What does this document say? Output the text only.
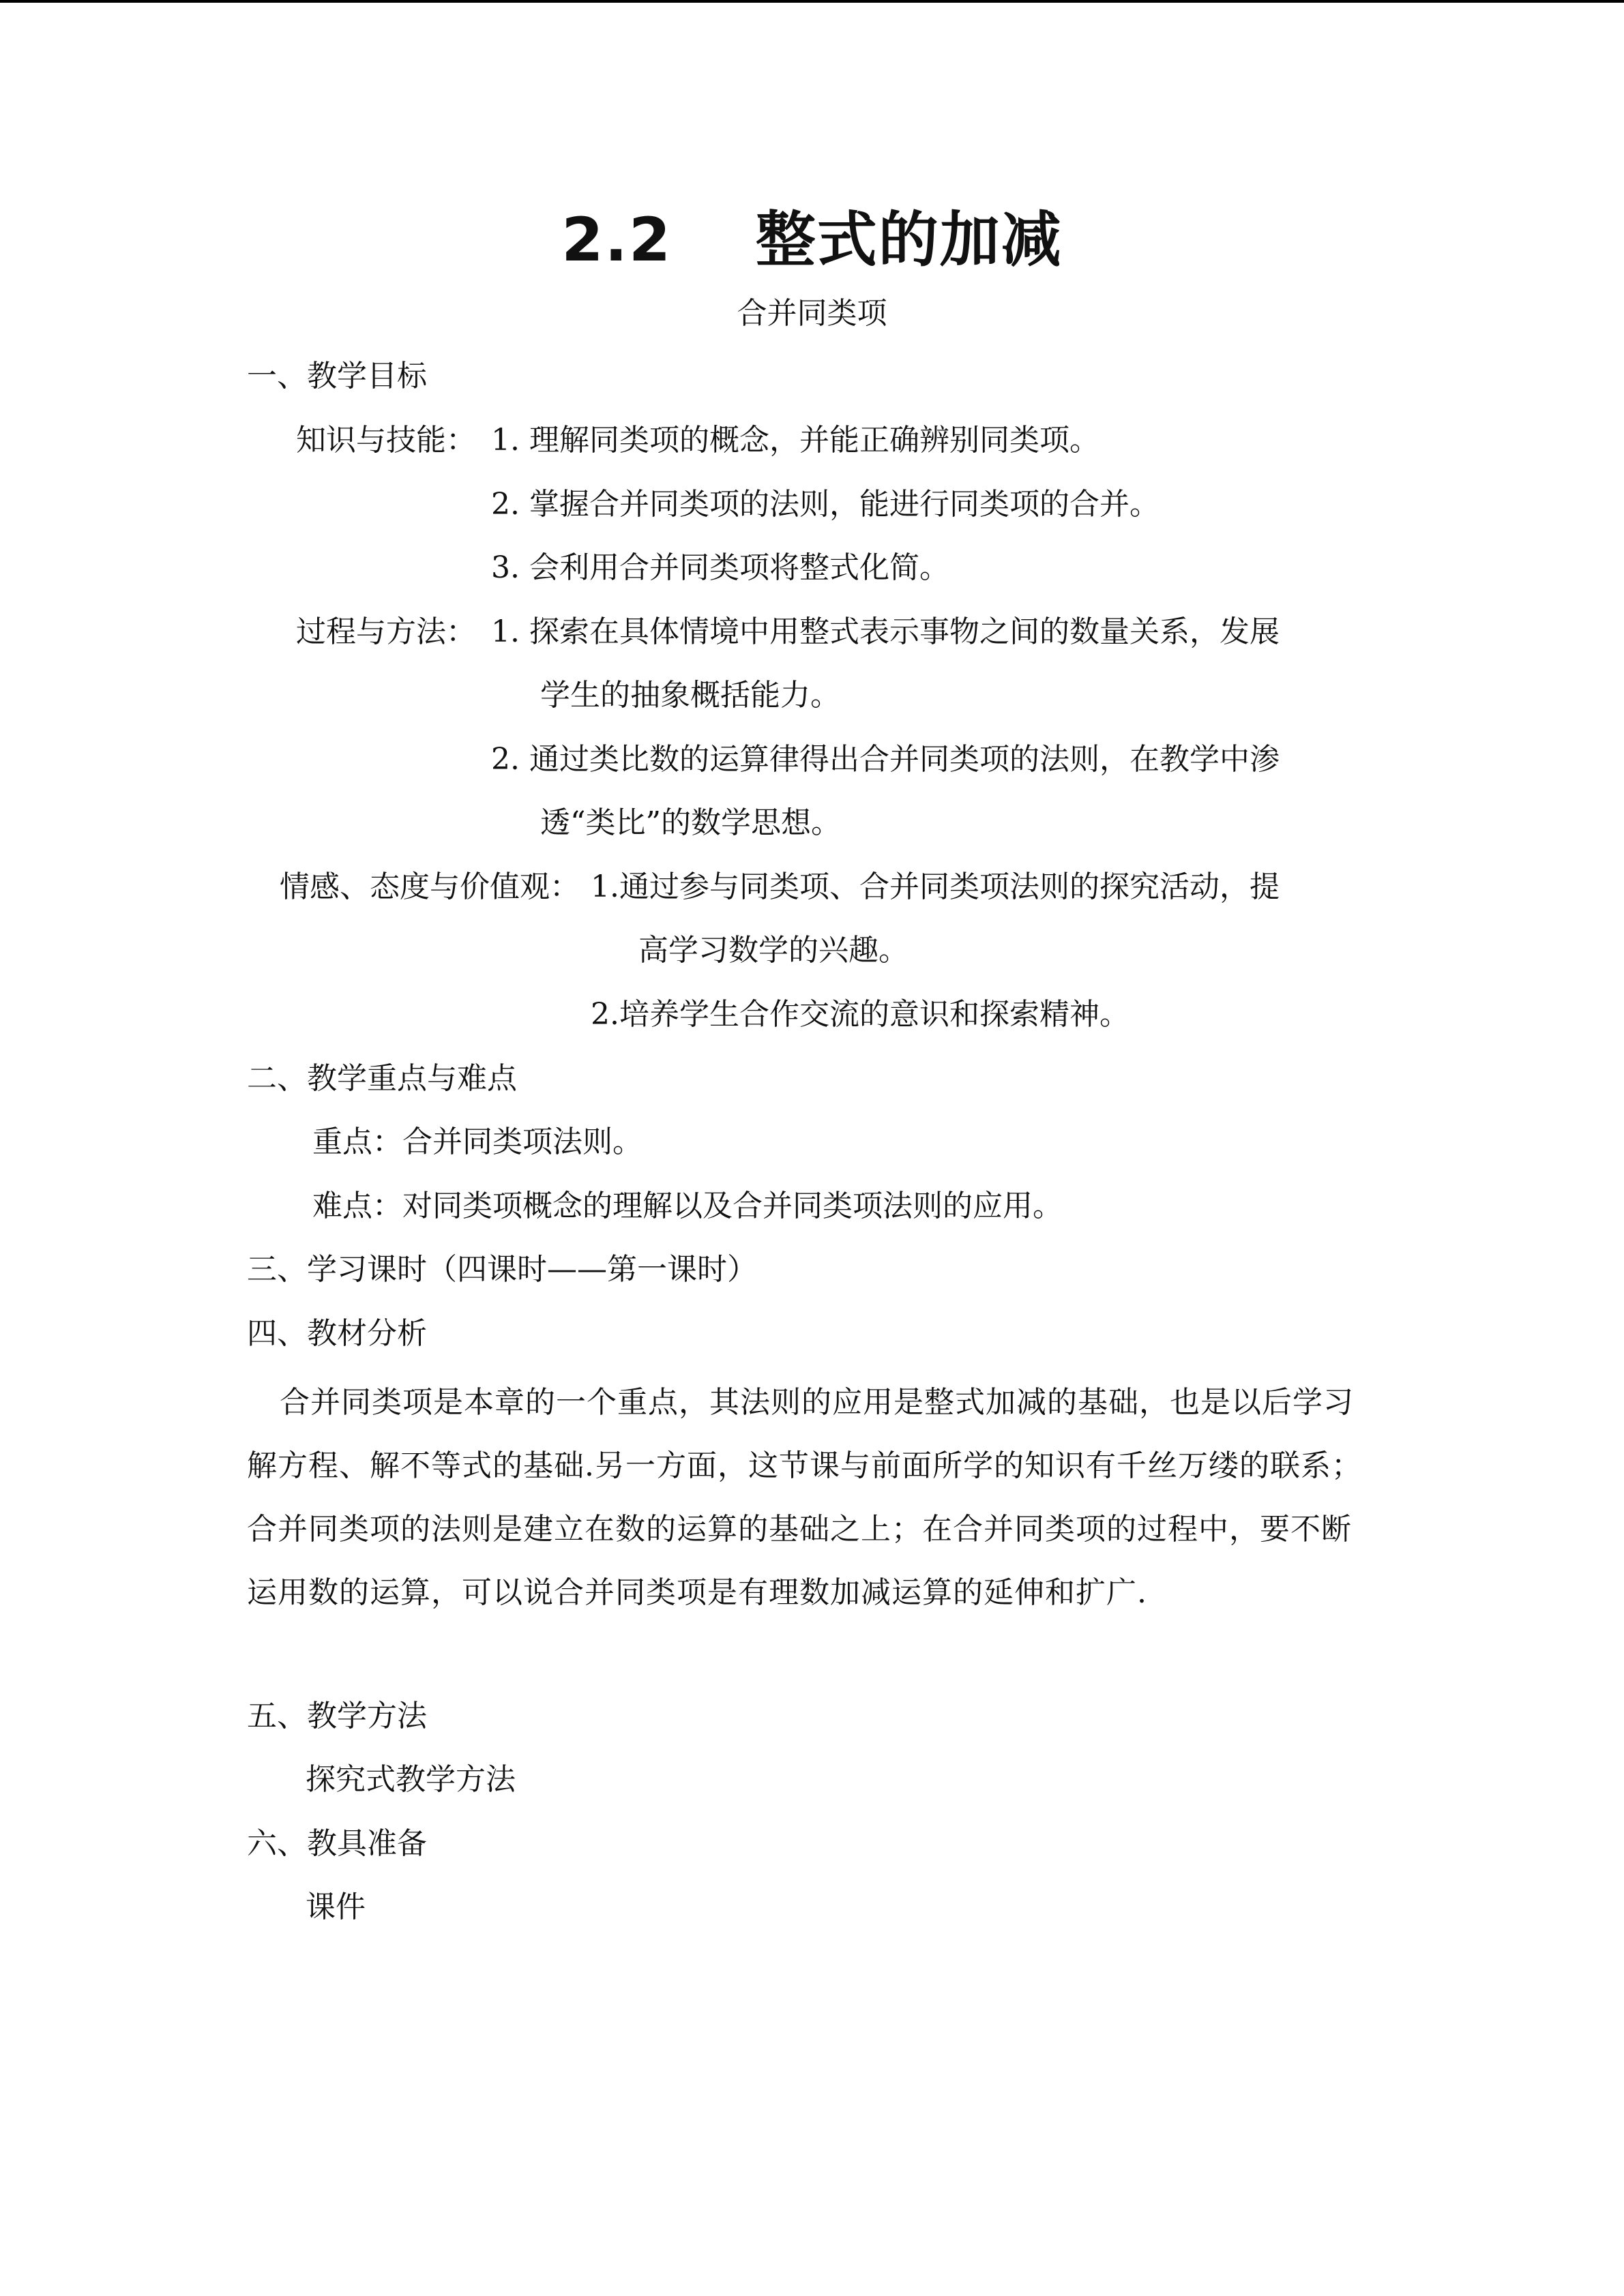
2.2　 整式的加减
合并同类项
一、教学目标
知识与技能： 1. 理解同类项的概念，并能正确辨别同类项。
2. 掌握合并同类项的法则，能进行同类项的合并。
3. 会利用合并同类项将整式化简。
过程与方法： 1. 探索在具体情境中用整式表示事物之间的数量关系，发展
学生的抽象概括能力。
2. 通过类比数的运算律得出合并同类项的法则，在教学中渗
透“类比”的数学思想。
情感、态度与价值观： 1.通过参与同类项、合并同类项法则的探究活动，提
高学习数学的兴趣。
2.培养学生合作交流的意识和探索精神。
二、教学重点与难点
重点：合并同类项法则。
难点：对同类项概念的理解以及合并同类项法则的应用。
三、学习课时（四课时——第一课时）
四、教材分析

合并同类项是本章的一个重点，其法则的应用是整式加减的基础，也是以后学习解方程、解不等式的基础.另一方面，这节课与前面所学的知识有千丝万缕的联系；合并同类项的法则是建立在数的运算的基础之上；在合并同类项的过程中，要不断运用数的运算，可以说合并同类项是有理数加减运算的延伸和扩广.

五、教学方法
探究式教学方法
六、教具准备
课件
